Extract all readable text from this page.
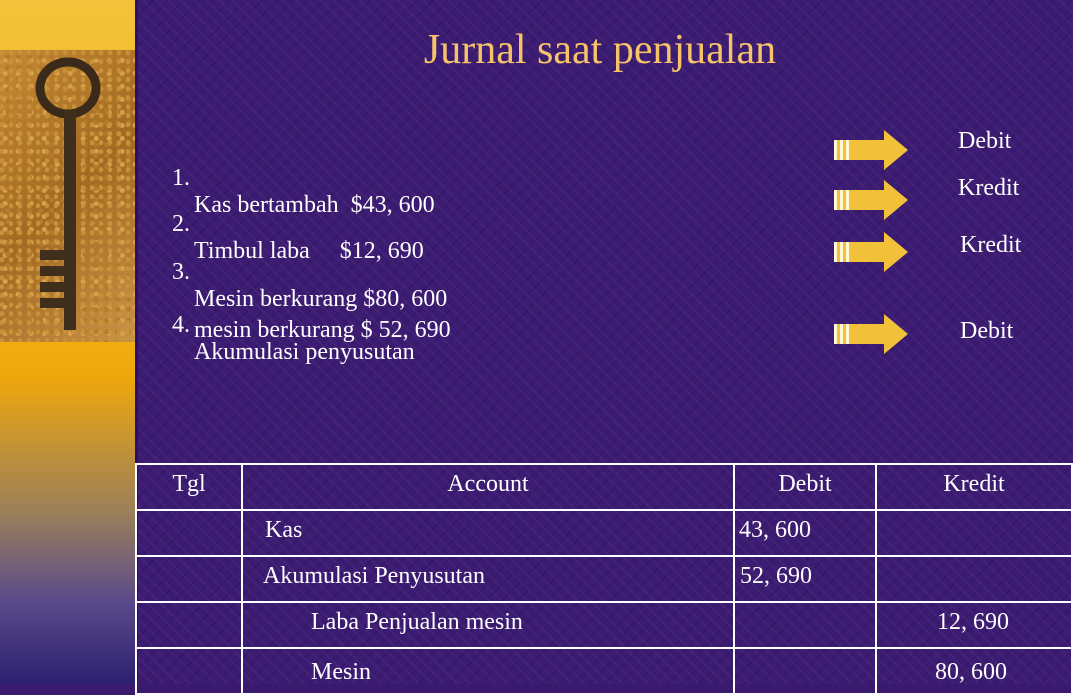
Jurnal saat penjualan

1.

Kas bertambah  $43, 600

2.

Timbul laba     $12, 690

3.

Mesin berkurang $80, 600

4.

Akumulasi penyusutan

mesin berkurang $ 52, 690

Debit
Kredit
Kredit
Debit
Tgl	Account	Debit	Kredit

	Kas	43, 600	

	Akumulasi Penyusutan	52, 690	

	Laba Penjualan mesin		12, 690

	Mesin		80, 600
